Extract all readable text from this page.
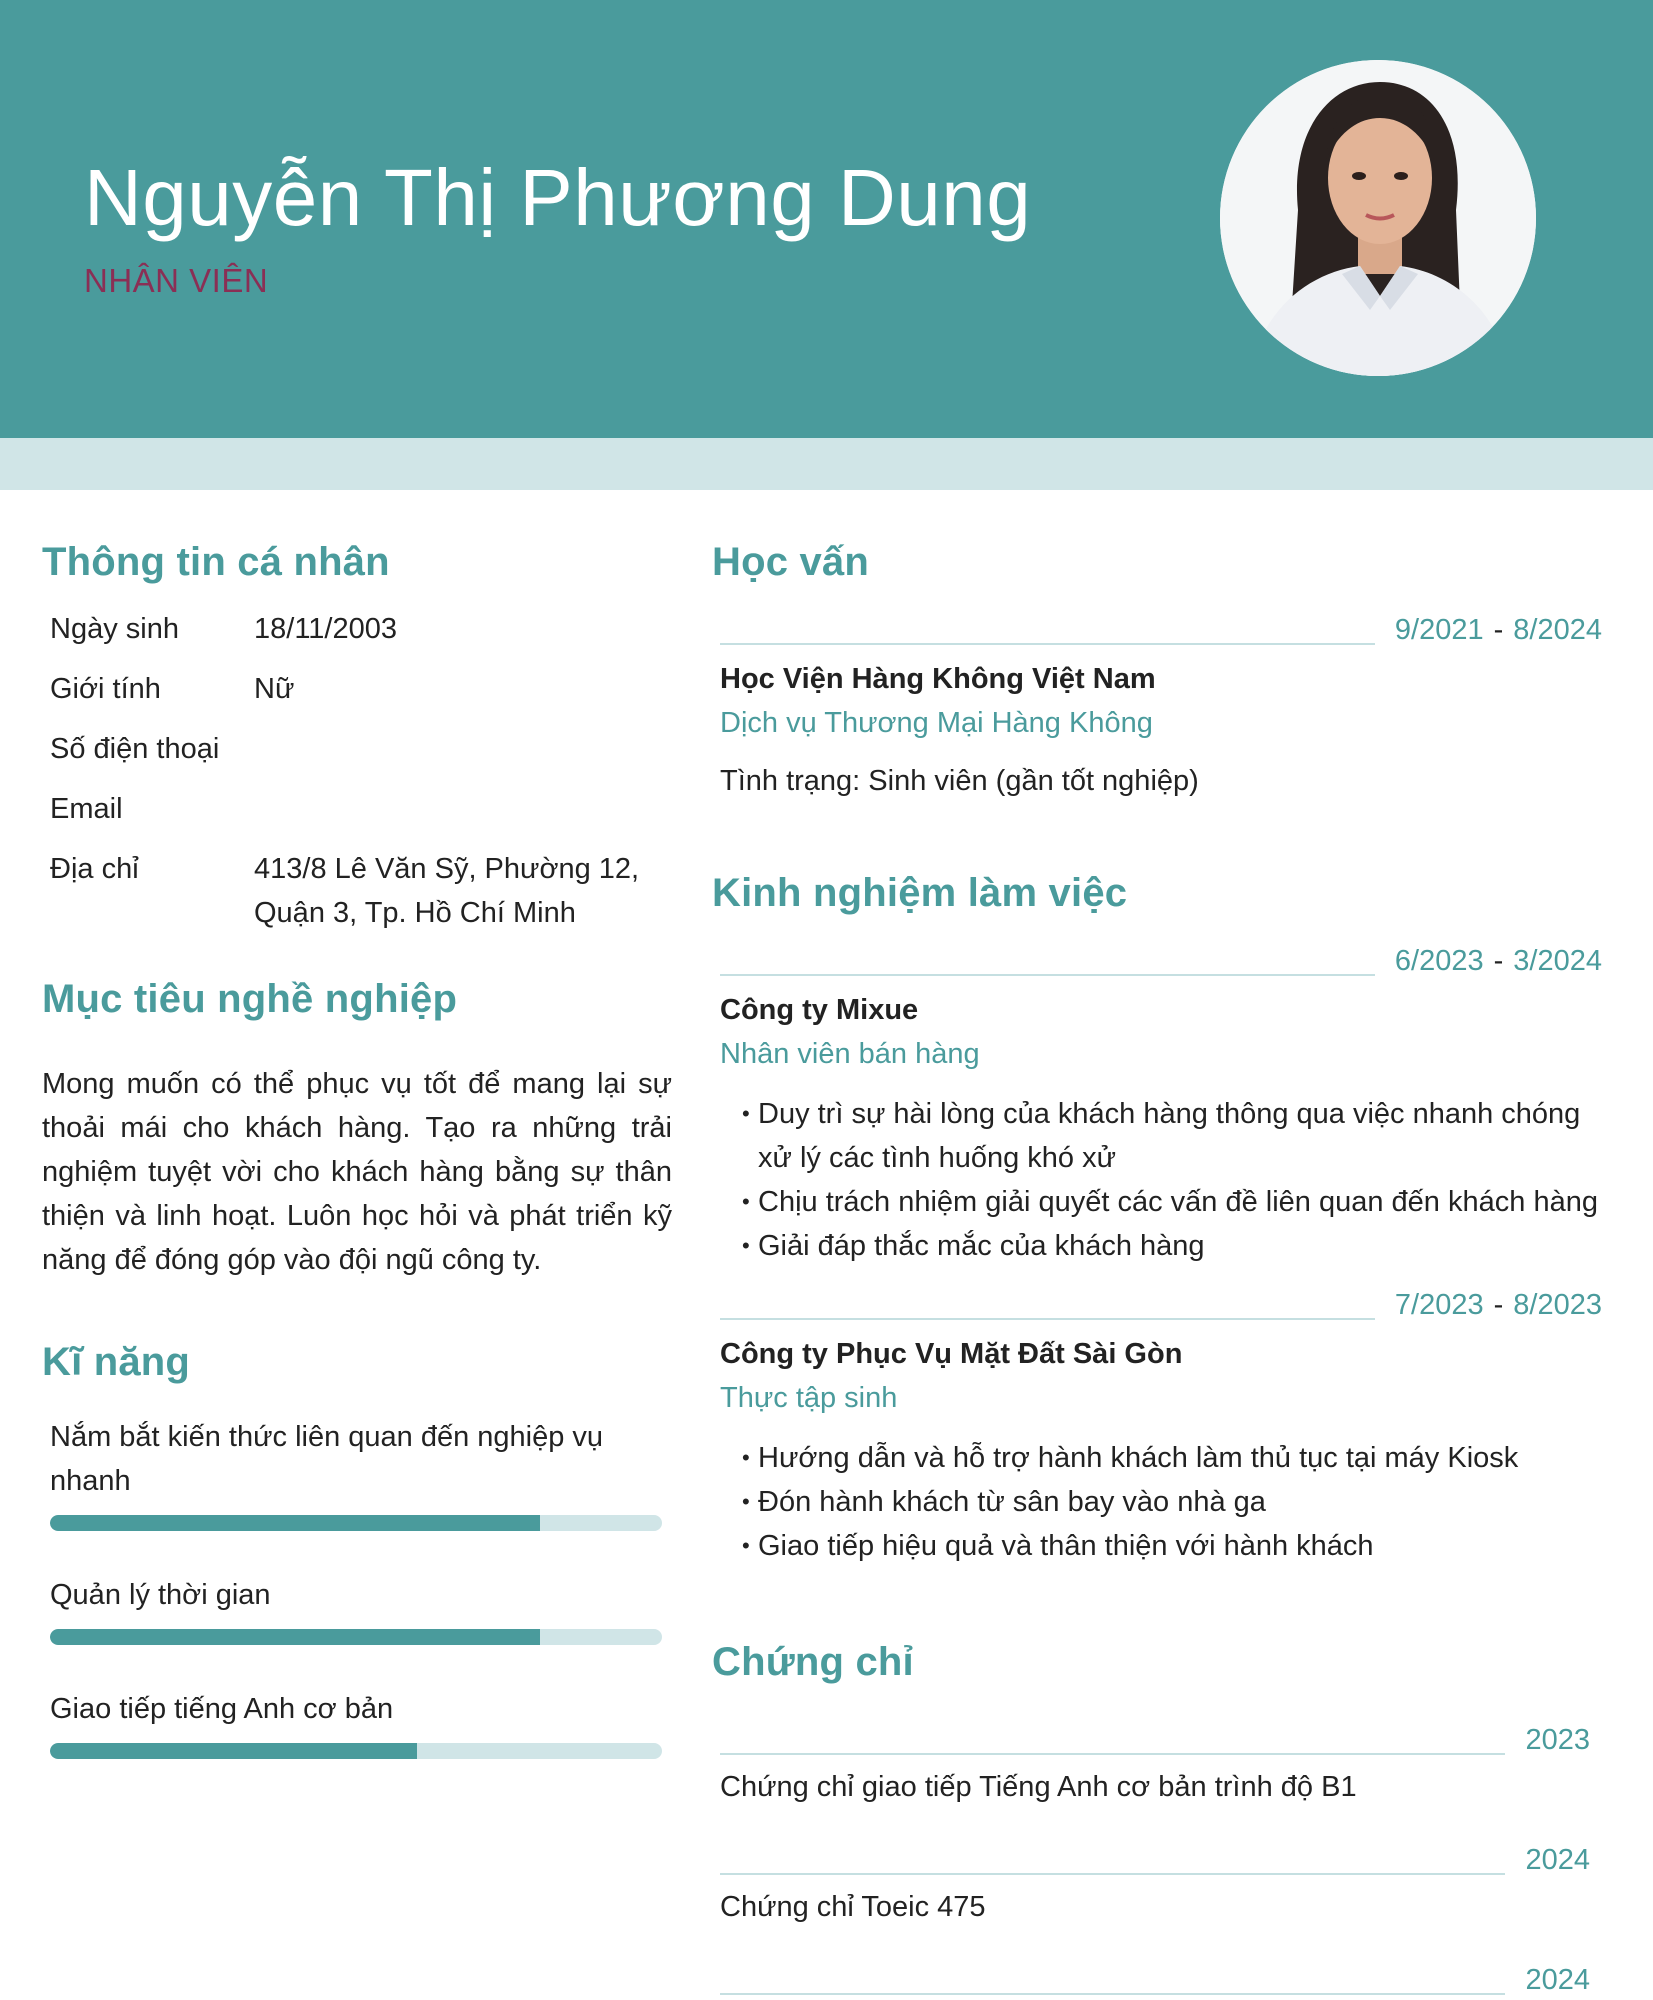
Nguyễn Thị Phương Dung
NHÂN VIÊN
Thông tin cá nhân
Ngày sinh	18/11/2003
Giới tính	Nữ
Số điện thoại
Email
Địa chỉ	413/8 Lê Văn Sỹ, Phường 12, Quận 3, Tp. Hồ Chí Minh
Mục tiêu nghề nghiệp
Mong muốn có thể phục vụ tốt để mang lại sự thoải mái cho khách hàng. Tạo ra những trải nghiệm tuyệt vời cho khách hàng bằng sự thân thiện và linh hoạt. Luôn học hỏi và phát triển kỹ năng để đóng góp vào đội ngũ công ty.
Kĩ năng
Nắm bắt kiến thức liên quan đến nghiệp vụ nhanh
Quản lý thời gian
Giao tiếp tiếng Anh cơ bản
Học vấn
9/2021 - 8/2024
Học Viện Hàng Không Việt Nam
Dịch vụ Thương Mại Hàng Không
Tình trạng: Sinh viên (gần tốt nghiệp)
Kinh nghiệm làm việc
6/2023 - 3/2024
Công ty Mixue
Nhân viên bán hàng
• Duy trì sự hài lòng của khách hàng thông qua việc nhanh chóng xử lý các tình huống khó xử
• Chịu trách nhiệm giải quyết các vấn đề liên quan đến khách hàng
• Giải đáp thắc mắc của khách hàng
7/2023 - 8/2023
Công ty Phục Vụ Mặt Đất Sài Gòn
Thực tập sinh
• Hướng dẫn và hỗ trợ hành khách làm thủ tục tại máy Kiosk
• Đón hành khách từ sân bay vào nhà ga
• Giao tiếp hiệu quả và thân thiện với hành khách
Chứng chỉ
2023
Chứng chỉ giao tiếp Tiếng Anh cơ bản trình độ B1
2024
Chứng chỉ Toeic 475
2024
